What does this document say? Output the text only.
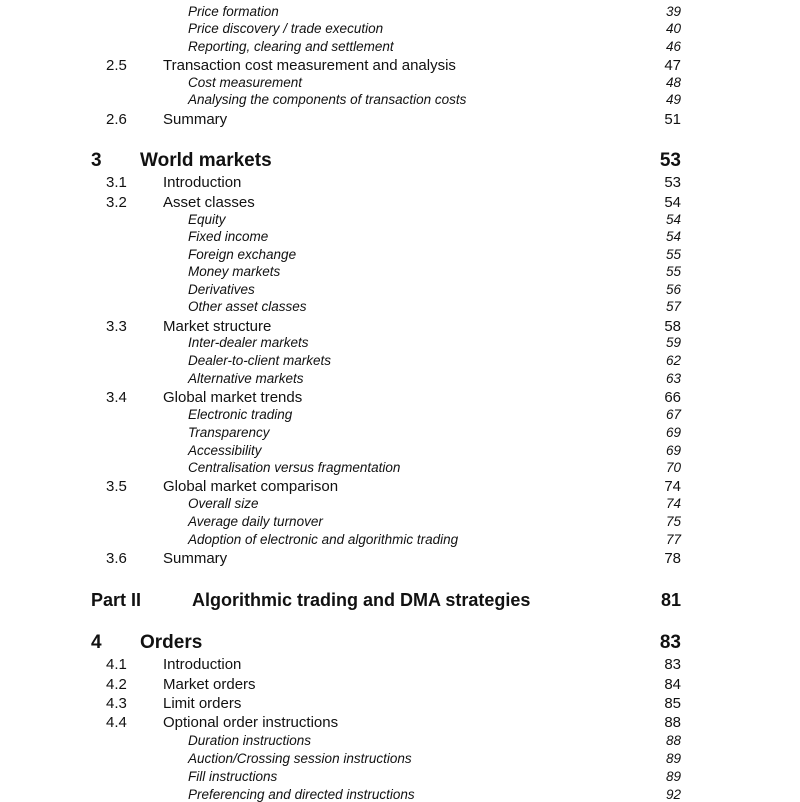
Price formation	39
Price discovery / trade execution	40
Reporting, clearing and settlement	46
2.5 Transaction cost measurement and analysis	47
Cost measurement	48
Analysing the components of transaction costs	49
2.6 Summary	51
3 World markets	53
3.1 Introduction	53
3.2 Asset classes	54
Equity	54
Fixed income	54
Foreign exchange	55
Money markets	55
Derivatives	56
Other asset classes	57
3.3 Market structure	58
Inter-dealer markets	59
Dealer-to-client markets	62
Alternative markets	63
3.4 Global market trends	66
Electronic trading	67
Transparency	69
Accessibility	69
Centralisation versus fragmentation	70
3.5 Global market comparison	74
Overall size	74
Average daily turnover	75
Adoption of electronic and algorithmic trading	77
3.6 Summary	78
Part II	Algorithmic trading and DMA strategies	81
4 Orders	83
4.1 Introduction	83
4.2 Market orders	84
4.3 Limit orders	85
4.4 Optional order instructions	88
Duration instructions	88
Auction/Crossing session instructions	89
Fill instructions	89
Preferencing and directed instructions	92
